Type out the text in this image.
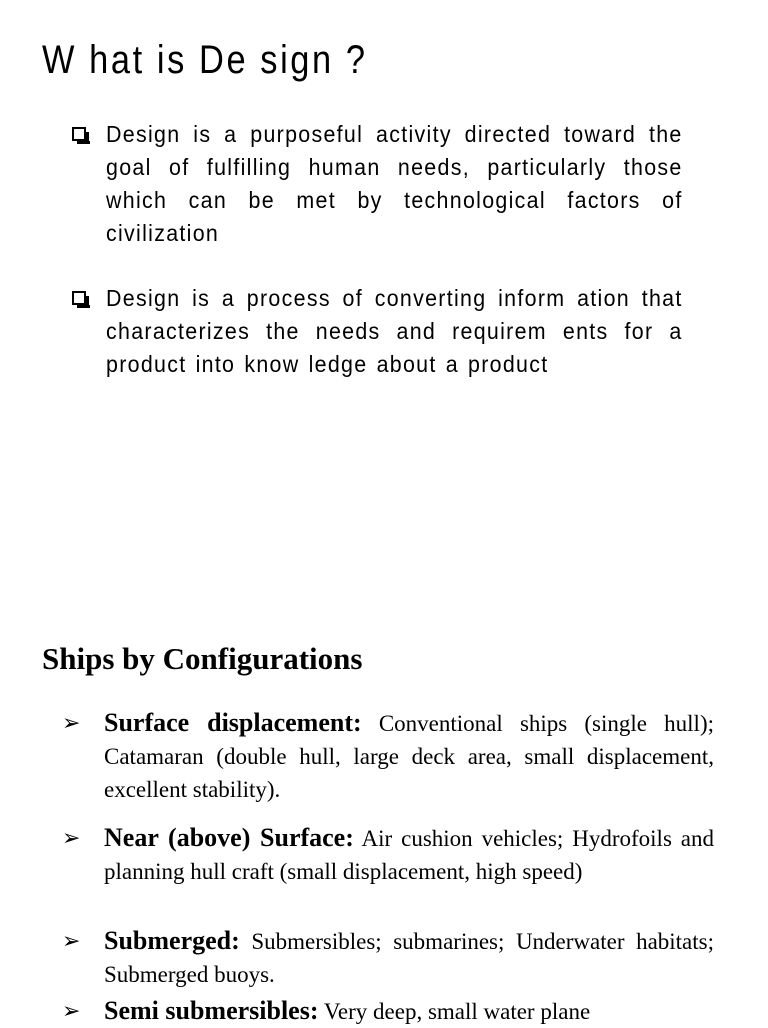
W hat is De sign ?
Design is a purposeful activity directed toward the goal of fulfilling human needs, particularly those which can be met by technological factors of civilization
Design is a process of converting inform ation that characterizes the needs and requirem ents for a product into know ledge about a product
Ships by Configurations
➢ Surface displacement: Conventional ships (single hull); Catamaran (double hull, large deck area, small displacement, excellent stability).
➢ Near (above) Surface: Air cushion vehicles; Hydrofoils and planning hull craft (small displacement, high speed)
➢ Submerged: Submersibles; submarines; Underwater habitats; Submerged buoys.
➢ Semi submersibles: Very deep, small water plane
